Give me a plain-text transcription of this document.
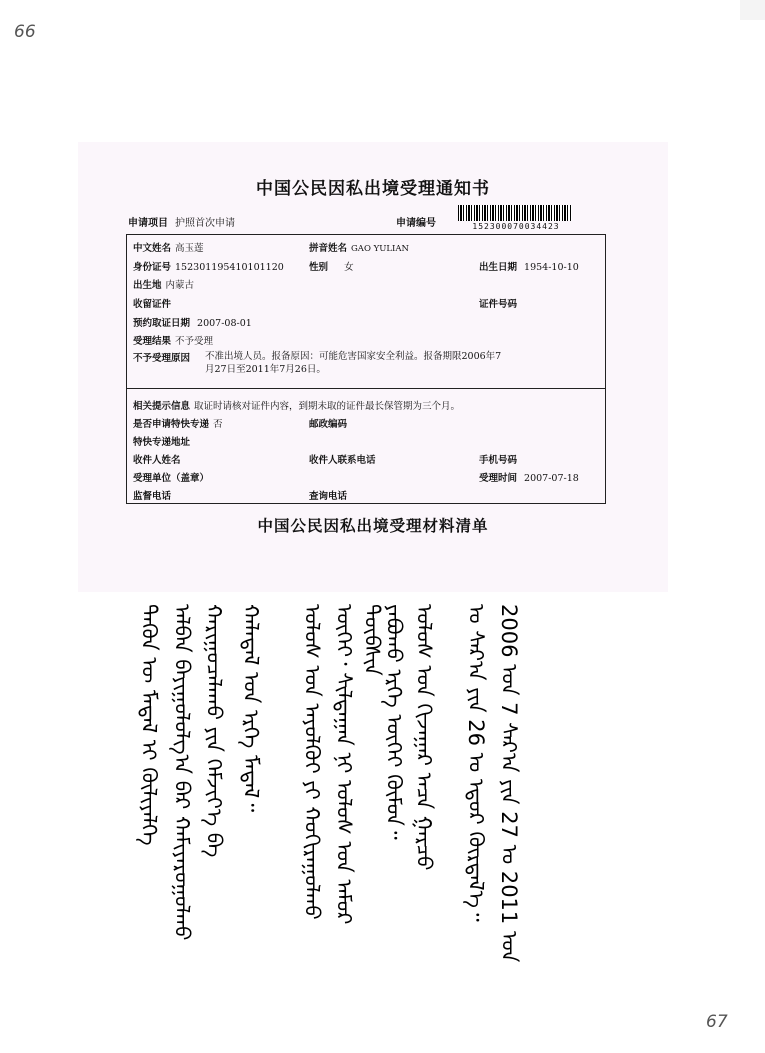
66
67
中国公民因私出境受理通知书
申请项目 护照首次申请	申请编号	152300070034423
中文姓名 高玉莲	拼音姓名 GAO YULIAN
身份证号 152301195410101120	性别 女	出生日期 1954-10-10
出生地 内蒙古
收留证件	证件号码
预约取证日期 2007-08-01
受理结果 不予受理
不予受理原因	不准出境人员。报备原因：可能危害国家安全利益。报备期限2006年7月27日至2011年7月26日。
相关提示信息 取证时请核对证件内容，到期未取的证件最长保管期为三个月。
是否申请特快专递 否	邮政编码
特快专递地址
收件人姓名	收件人联系电话	手机号码
受理单位（盖章）	受理时间 2007-07-18
监督电话	查询电话
中国公民因私出境受理材料清单
2006 ᠤᠨ 7 ᠰᠠᠷ᠎ᠠ ᠶᠢᠨ 27 ᠤ 2011 ᠤᠨ
ᠤ ᠰᠠᠷ᠎ᠠ ᠶᠢᠨ 26 ᠤ ᠡᠳᠦᠷ ᠬᠦᠷᠲᠡᠯ᠎ᠡ᠃
ᠤᠯᠤᠰ ᠤᠨ ᠬᠢᠵᠠᠭᠠᠷ ᠠᠴᠠ ᠭᠠᠷᠴᠤ
ᠶᠠᠪᠤᠬᠤ ᠡᠷᠬᠡ ᠦᠭᠡᠢ ᠬᠦᠮᠦᠨ᠃
ᠦᠭᠡᠢ᠂ ᠰᠢᠯᠲᠠᠭᠠᠨ ᠨᠢ ᠤᠯᠤᠰ ᠤᠨ ᠠᠮᠤᠷ ᠲᠦᠪᠰᠢᠨ
ᠤᠯᠤᠰ ᠤᠨ ᠠᠶᠤᠯᠭᠦᠢ ᠶᠢ ᠬᠣᠬᠢᠷᠠᠭᠤᠯᠬᠤ
ᠬᠠᠯᠠᠳᠠᠯ ᠤᠨ ᠡᠷᠬᠡ ᠮᠡᠳᠡᠯ᠃
ᠬᠠᠷᠢᠭᠤᠴᠠᠯᠠᠬᠤ ᠶᠢᠨ ᠬᠡᠮᠵᠢᠶ᠎ᠡ ᠪᠠ
ᠠᠯᠪᠠᠨ ᠪᠠᠶᠢᠭᠤᠯᠤᠯᠭ᠎ᠠ ᠪᠠᠷ ᠬᠠᠮᠢᠶᠠᠷᠤᠭᠤᠯᠬᠤ
ᠲᠡᠭᠦᠨ ᠦ ᠮᠡᠳᠡᠯ ᠢ ᠬᠦᠯᠢᠶᠡᠯᠭᠡ
